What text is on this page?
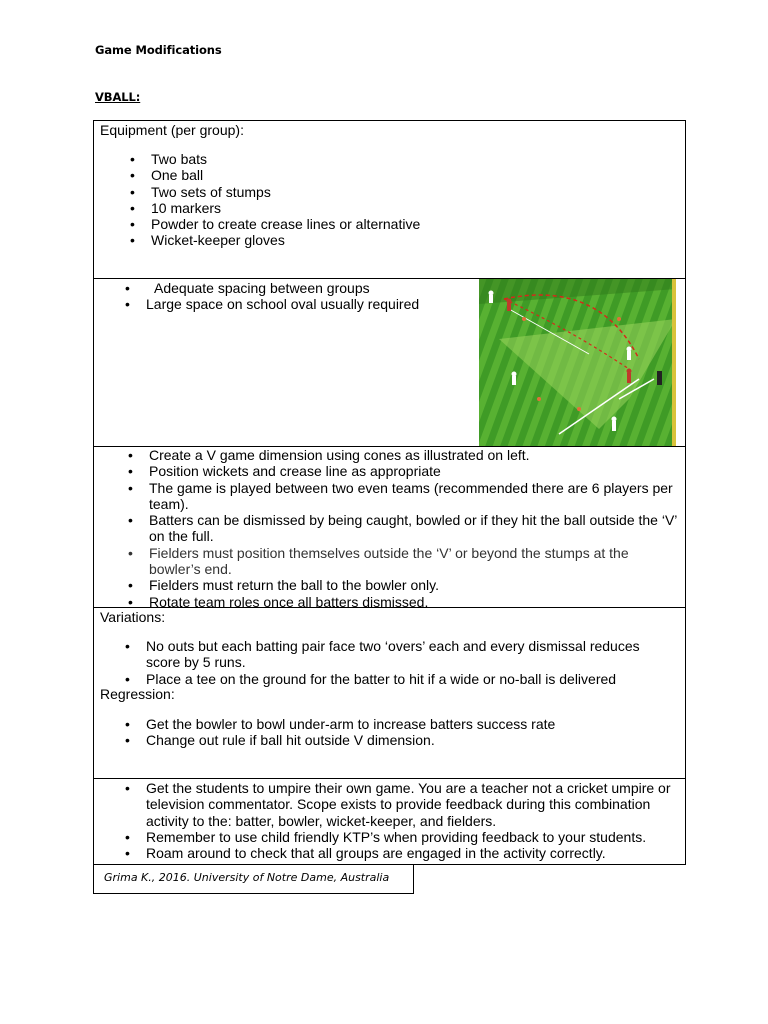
Game Modifications
VBALL:
Equipment (per group):
• Two bats
• One ball
• Two sets of stumps
• 10 markers
• Powder to create crease lines or alternative
• Wicket-keeper gloves
• Adequate spacing between groups
• Large space on school oval usually required
• Create a V game dimension using cones as illustrated on left.
• Position wickets and crease line as appropriate
• The game is played between two even teams (recommended there are 6 players per team).
• Batters can be dismissed by being caught, bowled or if they hit the ball outside the ‘V’ on the full.
• Fielders must position themselves outside the ‘V’ or beyond the stumps at the bowler’s end.
• Fielders must return the ball to the bowler only.
• Rotate team roles once all batters dismissed.
Variations:
• No outs but each batting pair face two ‘overs’ each and every dismissal reduces score by 5 runs.
• Place a tee on the ground for the batter to hit if a wide or no-ball is delivered
Regression:
• Get the bowler to bowl under-arm to increase batters success rate
• Change out rule if ball hit outside V dimension.
• Get the students to umpire their own game. You are a teacher not a cricket umpire or television commentator. Scope exists to provide feedback during this combination activity to the: batter, bowler, wicket-keeper, and fielders.
• Remember to use child friendly KTP’s when providing feedback to your students.
• Roam around to check that all groups are engaged in the activity correctly.
Grima K., 2016. University of Notre Dame, Australia
